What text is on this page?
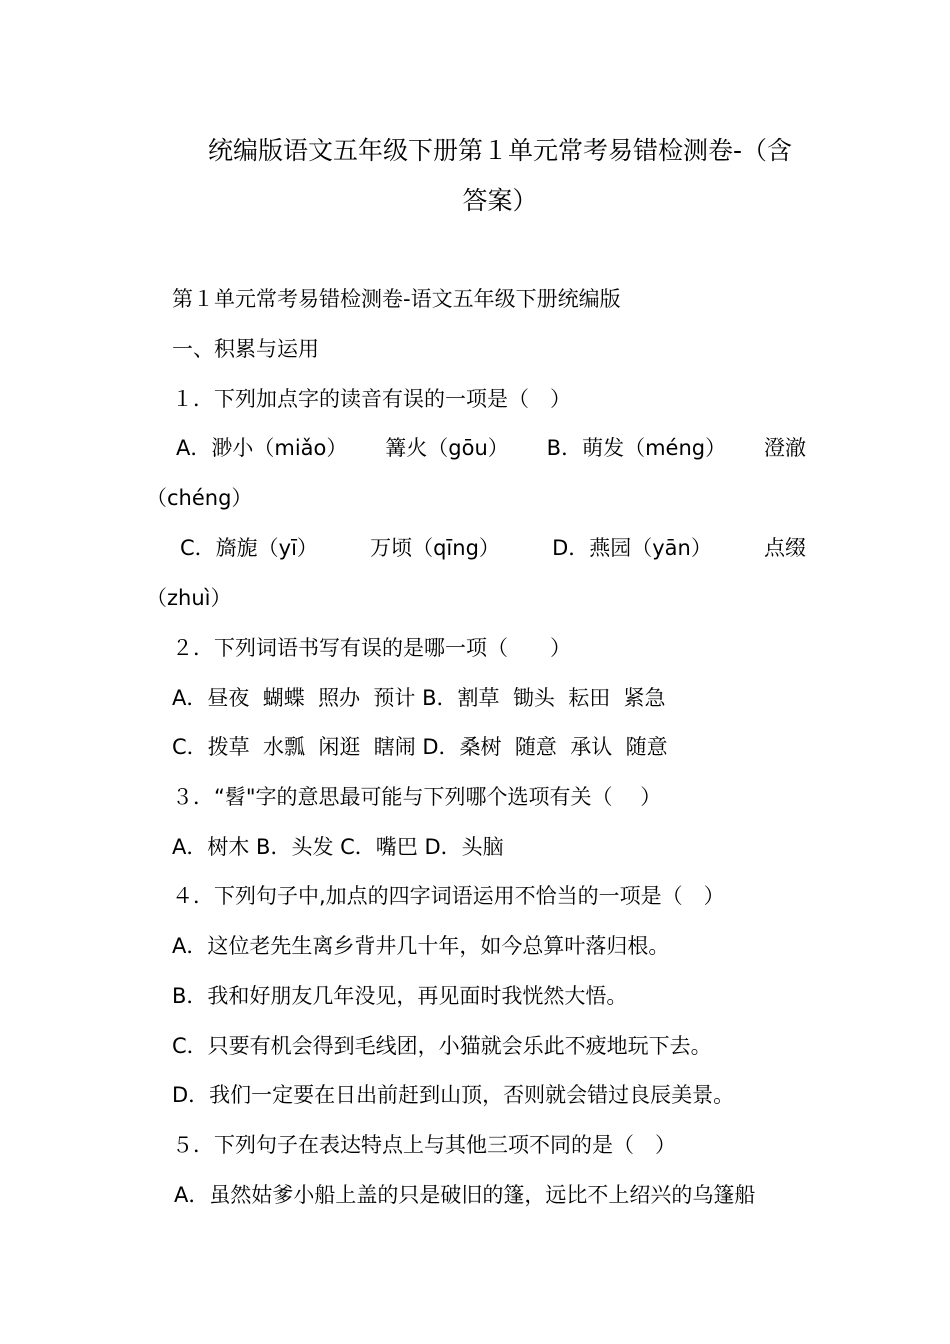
统编版语文五年级下册第１单元常考易错检测卷-（含
答案）

第１单元常考易错检测卷-语文五年级下册统编版

一、积累与运用

１．下列加点字的读音有误的一项是（　）

A．渺小（miǎo） 篝火（gōu） B．萌发（méng） 澄澈

（chéng）

C．旖旎（yī） 万顷（qīng） D．燕园（yān） 点缀

（zhuì）

２．下列词语书写有误的是哪一项（　　）

A．昼夜  蝴蝶  照办  预计 B．割草  锄头  耘田  紧急

C．拨草  水瓢  闲逛  瞎闹 D．桑树  随意  承认  随意

３．“髫"字的意思最可能与下列哪个选项有关（　 ）

A．树木 B．头发 C．嘴巴 D．头脑

４．下列句子中,加点的四字词语运用不恰当的一项是（　）

A．这位老先生离乡背井几十年，如今总算叶落归根。

B．我和好朋友几年没见，再见面时我恍然大悟。

C．只要有机会得到毛线团，小猫就会乐此不疲地玩下去。

D．我们一定要在日出前赶到山顶，否则就会错过良辰美景。

５．下列句子在表达特点上与其他三项不同的是（　）

A．虽然姑爹小船上盖的只是破旧的篷，远比不上绍兴的乌篷船
